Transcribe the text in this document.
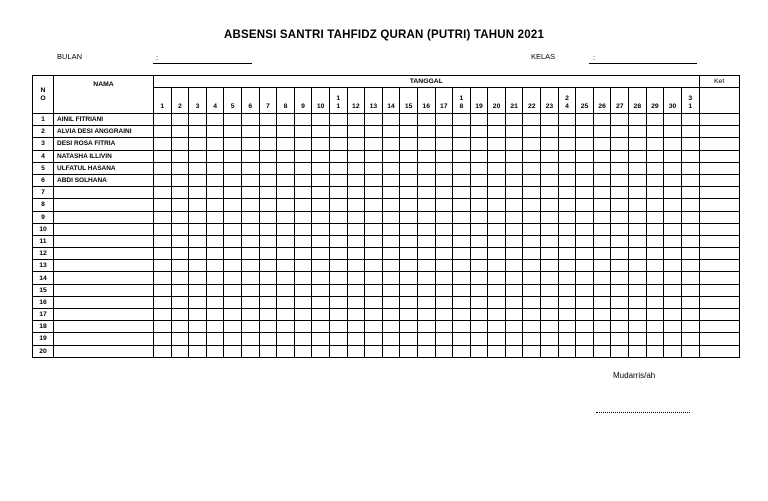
ABSENSI SANTRI TAHFIDZ QURAN (PUTRI) TAHUN 2021
BULAN	:	KELAS	:
NO	NAMA	TANGGAL																															Ket
		1	2	3	4	5	6	7	8	9	10	11	12	13	14	15	16	17	18	19	20	21	22	23	24	25	26	27	28	29	30	31	
1	AINIL FITRIANI																																
2	ALVIA DESI ANGGRAINI																																
3	DESI ROSA FITRIA																																
4	NATASHA ILLIVIN																																
5	ULFATUL HASANA																																
6	ABDI SOLHANA																																
7																																	
8																																	
9																																	
10																																	
11																																	
12																																	
13																																	
14																																	
15																																	
16																																	
17																																	
18																																	
19																																	
20																																	
Mudarris/ah
